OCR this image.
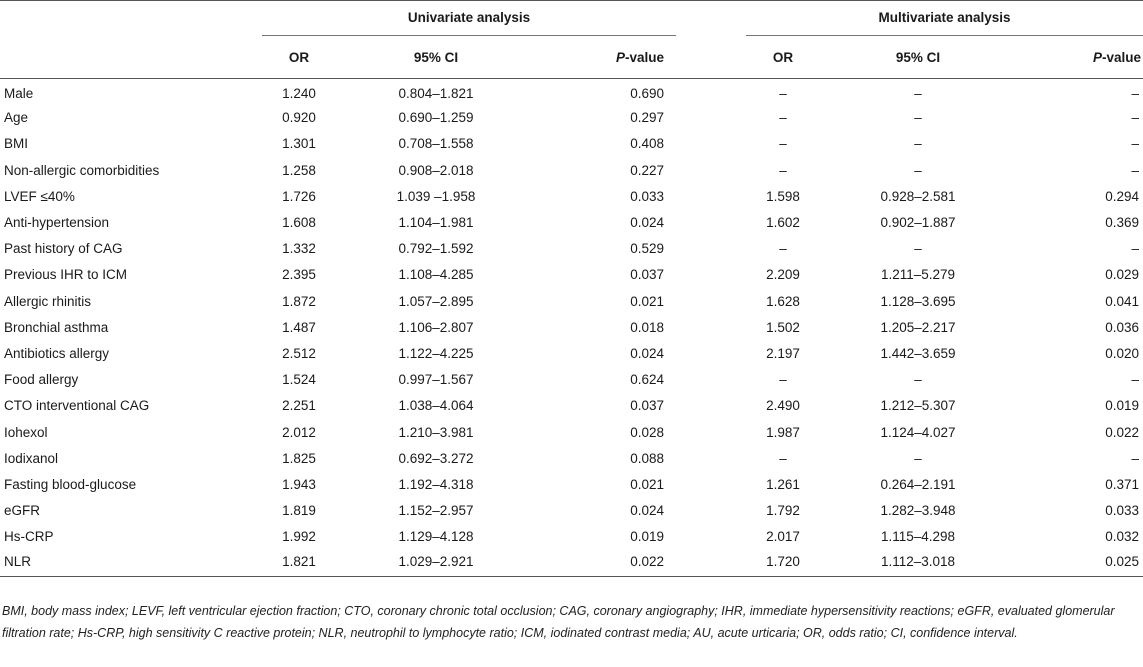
	Univariate analysis				Multivariate analysis		
	OR	95% CI	P-value		OR	95% CI	P-value
Male	1.240	0.804–1.821	0.690		–	–	–
Age	0.920	0.690–1.259	0.297		–	–	–
BMI	1.301	0.708–1.558	0.408		–	–	–
Non-allergic comorbidities	1.258	0.908–2.018	0.227		–	–	–
LVEF ≤40%	1.726	1.039 –1.958	0.033		1.598	0.928–2.581	0.294
Anti-hypertension	1.608	1.104–1.981	0.024		1.602	0.902–1.887	0.369
Past history of CAG	1.332	0.792–1.592	0.529		–	–	–
Previous IHR to ICM	2.395	1.108–4.285	0.037		2.209	1.211–5.279	0.029
Allergic rhinitis	1.872	1.057–2.895	0.021		1.628	1.128–3.695	0.041
Bronchial asthma	1.487	1.106–2.807	0.018		1.502	1.205–2.217	0.036
Antibiotics allergy	2.512	1.122–4.225	0.024		2.197	1.442–3.659	0.020
Food allergy	1.524	0.997–1.567	0.624		–	–	–
CTO interventional CAG	2.251	1.038–4.064	0.037		2.490	1.212–5.307	0.019
Iohexol	2.012	1.210–3.981	0.028		1.987	1.124–4.027	0.022
Iodixanol	1.825	0.692–3.272	0.088		–	–	–
Fasting blood-glucose	1.943	1.192–4.318	0.021		1.261	0.264–2.191	0.371
eGFR	1.819	1.152–2.957	0.024		1.792	1.282–3.948	0.033
Hs-CRP	1.992	1.129–4.128	0.019		2.017	1.115–4.298	0.032
NLR	1.821	1.029–2.921	0.022		1.720	1.112–3.018	0.025
BMI, body mass index; LEVF, left ventricular ejection fraction; CTO, coronary chronic total occlusion; CAG, coronary angiography; IHR, immediate hypersensitivity reactions; eGFR, evaluated glomerular filtration rate; Hs-CRP, high sensitivity C reactive protein; NLR, neutrophil to lymphocyte ratio; ICM, iodinated contrast media; AU, acute urticaria; OR, odds ratio; CI, confidence interval.
